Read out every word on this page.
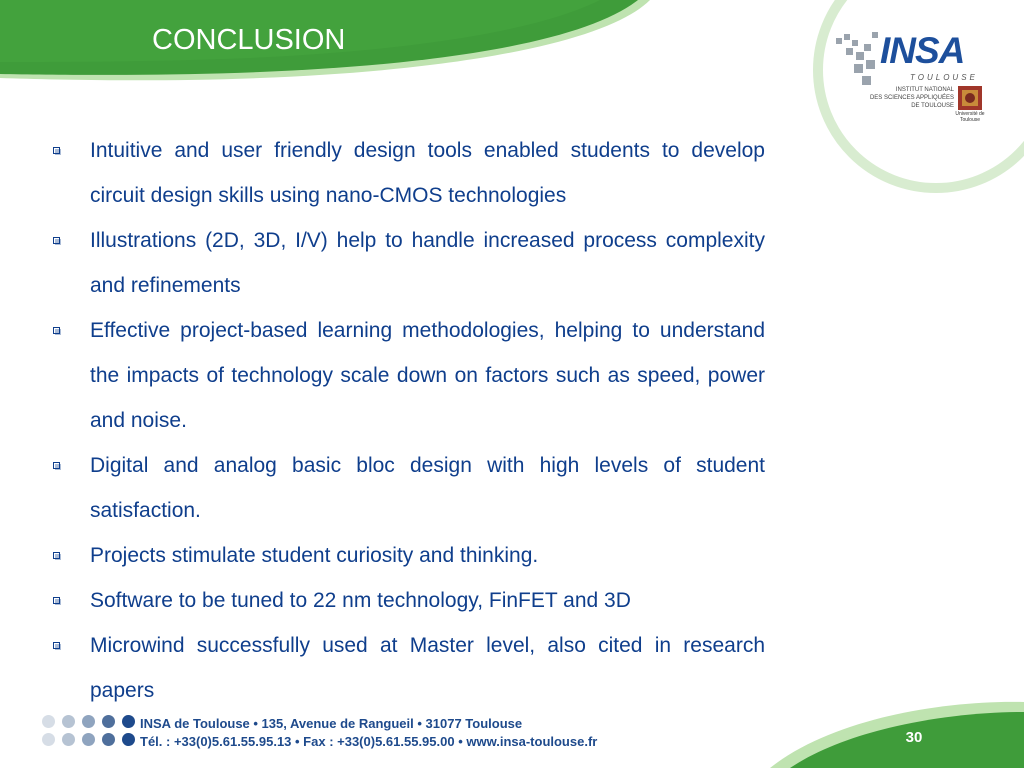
CONCLUSION	INSA
TOULOUSE
INSTITUT NATIONAL
DES SCIENCES APPLIQUÉES
DE TOULOUSE
Université de Toulouse
Intuitive and user friendly design tools enabled students to develop circuit design skills using nano-CMOS technologies
Illustrations (2D, 3D, I/V) help to handle increased process complexity and refinements
Effective project-based learning methodologies, helping to understand the impacts of technology scale down on factors such as speed, power and noise.
Digital and analog basic bloc design with high levels of student satisfaction.
Projects stimulate student curiosity and thinking.
Software to be tuned to 22 nm technology, FinFET and 3D
Microwind successfully used at Master level, also cited in research papers
INSA de Toulouse • 135, Avenue de Rangueil • 31077 Toulouse
Tél. : +33(0)5.61.55.95.13 • Fax : +33(0)5.61.55.95.00 • www.insa-toulouse.fr	30
